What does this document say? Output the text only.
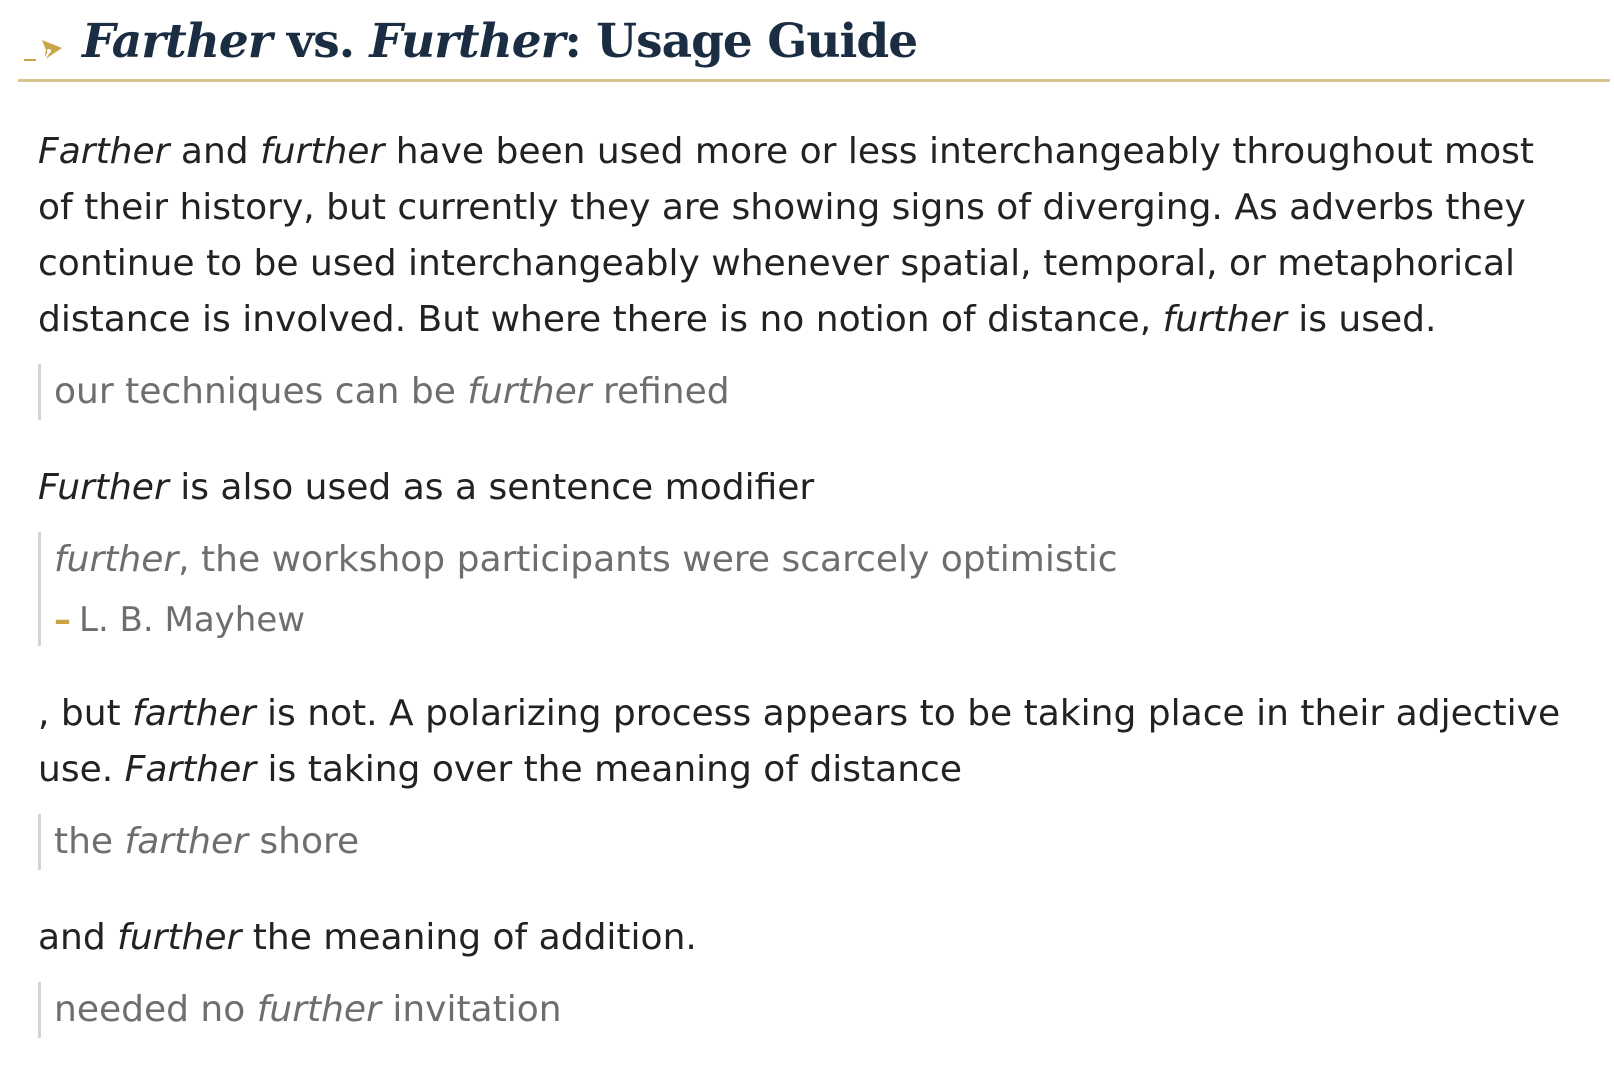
Farther vs. Further: Usage Guide

Farther and further have been used more or less interchangeably throughout most of their history, but currently they are showing signs of diverging. As adverbs they continue to be used interchangeably whenever spatial, temporal, or metaphorical distance is involved. But where there is no notion of distance, further is used.

our techniques can be further refined

Further is also used as a sentence modifier

further, the workshop participants were scarcely optimistic
– L. B. Mayhew

, but farther is not. A polarizing process appears to be taking place in their adjective use. Farther is taking over the meaning of distance

the farther shore

and further the meaning of addition.

needed no further invitation
